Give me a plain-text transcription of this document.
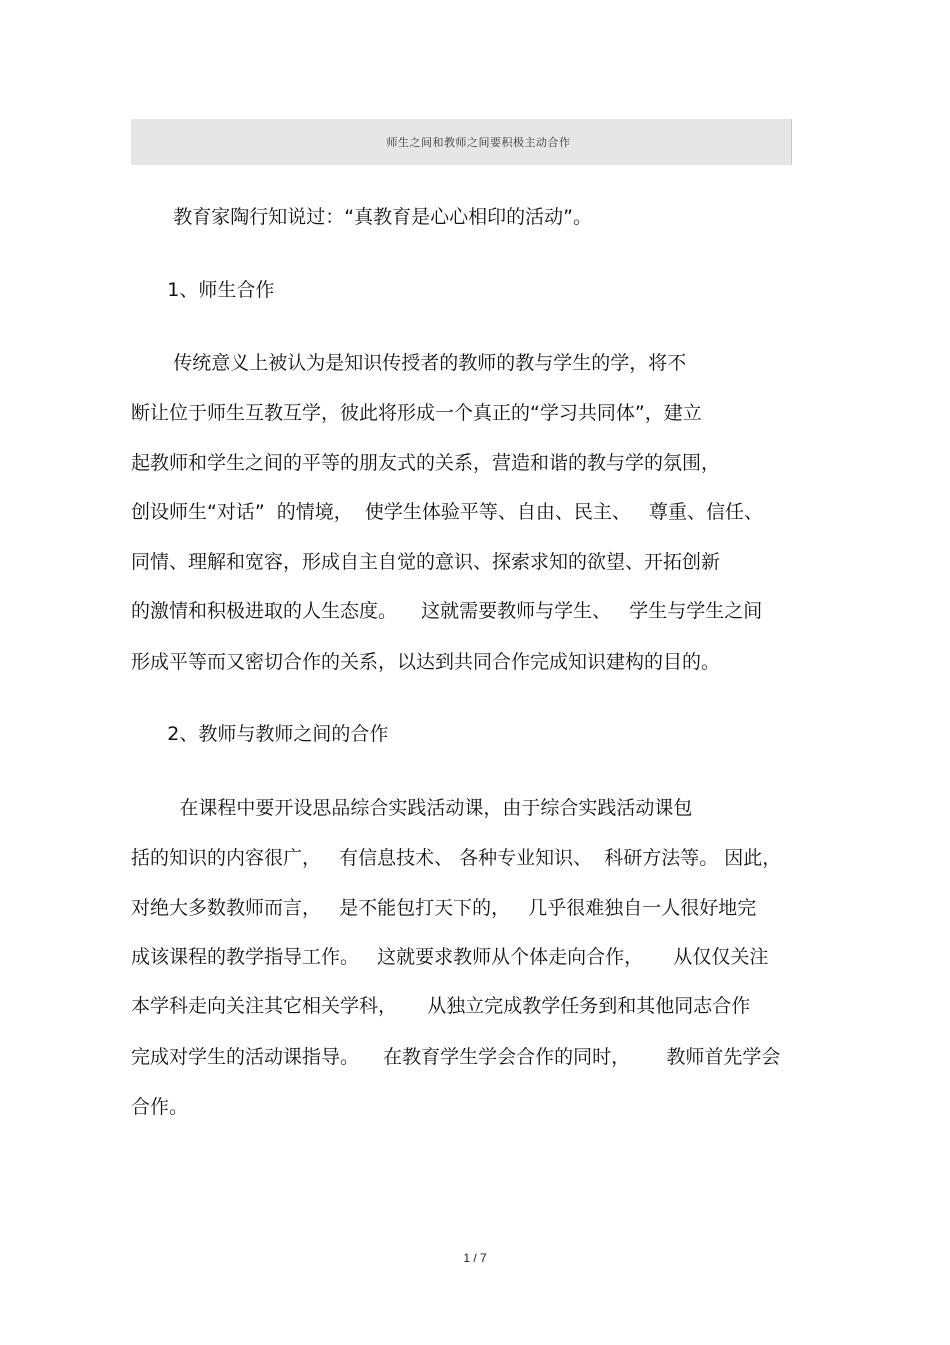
师生之间和教师之间要积极主动合作
教育家陶行知说过：“真教育是心心相印的活动”。
1、师生合作
传统意义上被认为是知识传授者的教师的教与学生的学，将不
断让位于师生互教互学，彼此将形成一个真正的“学习共同体”，建立
起教师和学生之间的平等的朋友式的关系，营造和谐的教与学的氛围，
创设师生“对话”  的情境，  使学生体验平等、自由、民主、   尊重、信任、
同情、理解和宽容，形成自主自觉的意识、探索求知的欲望、开拓创新
的激情和积极进取的人生态度。    这就需要教师与学生、   学生与学生之间
形成平等而又密切合作的关系，以达到共同合作完成知识建构的目的。
2、教师与教师之间的合作
在课程中要开设思品综合实践活动课，由于综合实践活动课包
括的知识的内容很广，   有信息技术、 各种专业知识、  科研方法等。 因此，
对绝大多数教师而言，   是不能包打天下的，   几乎很难独自一人很好地完
成该课程的教学指导工作。   这就要求教师从个体走向合作，     从仅仅关注
本学科走向关注其它相关学科，     从独立完成教学任务到和其他同志合作
完成对学生的活动课指导。    在教育学生学会合作的同时，      教师首先学会
合作。
1 / 7
